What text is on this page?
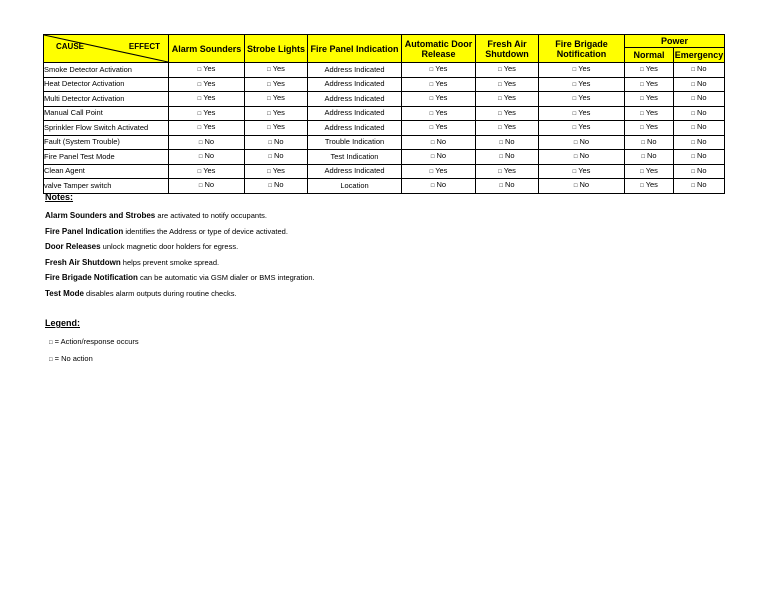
CAUSE EFFECT	Alarm Sounders	Strobe Lights	Fire Panel Indication	Automatic Door Release	Fresh Air Shutdown	Fire Brigade Notification	Power	
							Normal	Emergency
Smoke Detector Activation	□Yes	□Yes	Address Indicated	□Yes	□Yes	□Yes	□Yes	□No
Heat Detector Activation	□Yes	□Yes	Address Indicated	□Yes	□Yes	□Yes	□Yes	□No
Multi Detector Activation	□Yes	□Yes	Address Indicated	□Yes	□Yes	□Yes	□Yes	□No
Manual Call Point	□Yes	□Yes	Address Indicated	□Yes	□Yes	□Yes	□Yes	□No
Sprinkler Flow Switch Activated	□Yes	□Yes	Address Indicated	□Yes	□Yes	□Yes	□Yes	□No
Fault (System Trouble)	□No	□No	Trouble Indication	□No	□No	□No	□No	□No
Fire Panel Test Mode	□No	□No	Test Indication	□No	□No	□No	□No	□No
Clean Agent	□Yes	□Yes	Address Indicated	□Yes	□Yes	□Yes	□Yes	□No
valve Tamper switch	□No	□No	Location	□No	□No	□No	□Yes	□No
Notes:

Alarm Sounders and Strobes are activated to notify occupants.

Fire Panel Indication identifies the Address or type of device activated.

Door Releases unlock magnetic door holders for egress.

Fresh Air Shutdown helps prevent smoke spread.

Fire Brigade Notification can be automatic via GSM dialer or BMS integration.

Test Mode disables alarm outputs during routine checks.

Legend:

□ = Action/response occurs

□ = No action
